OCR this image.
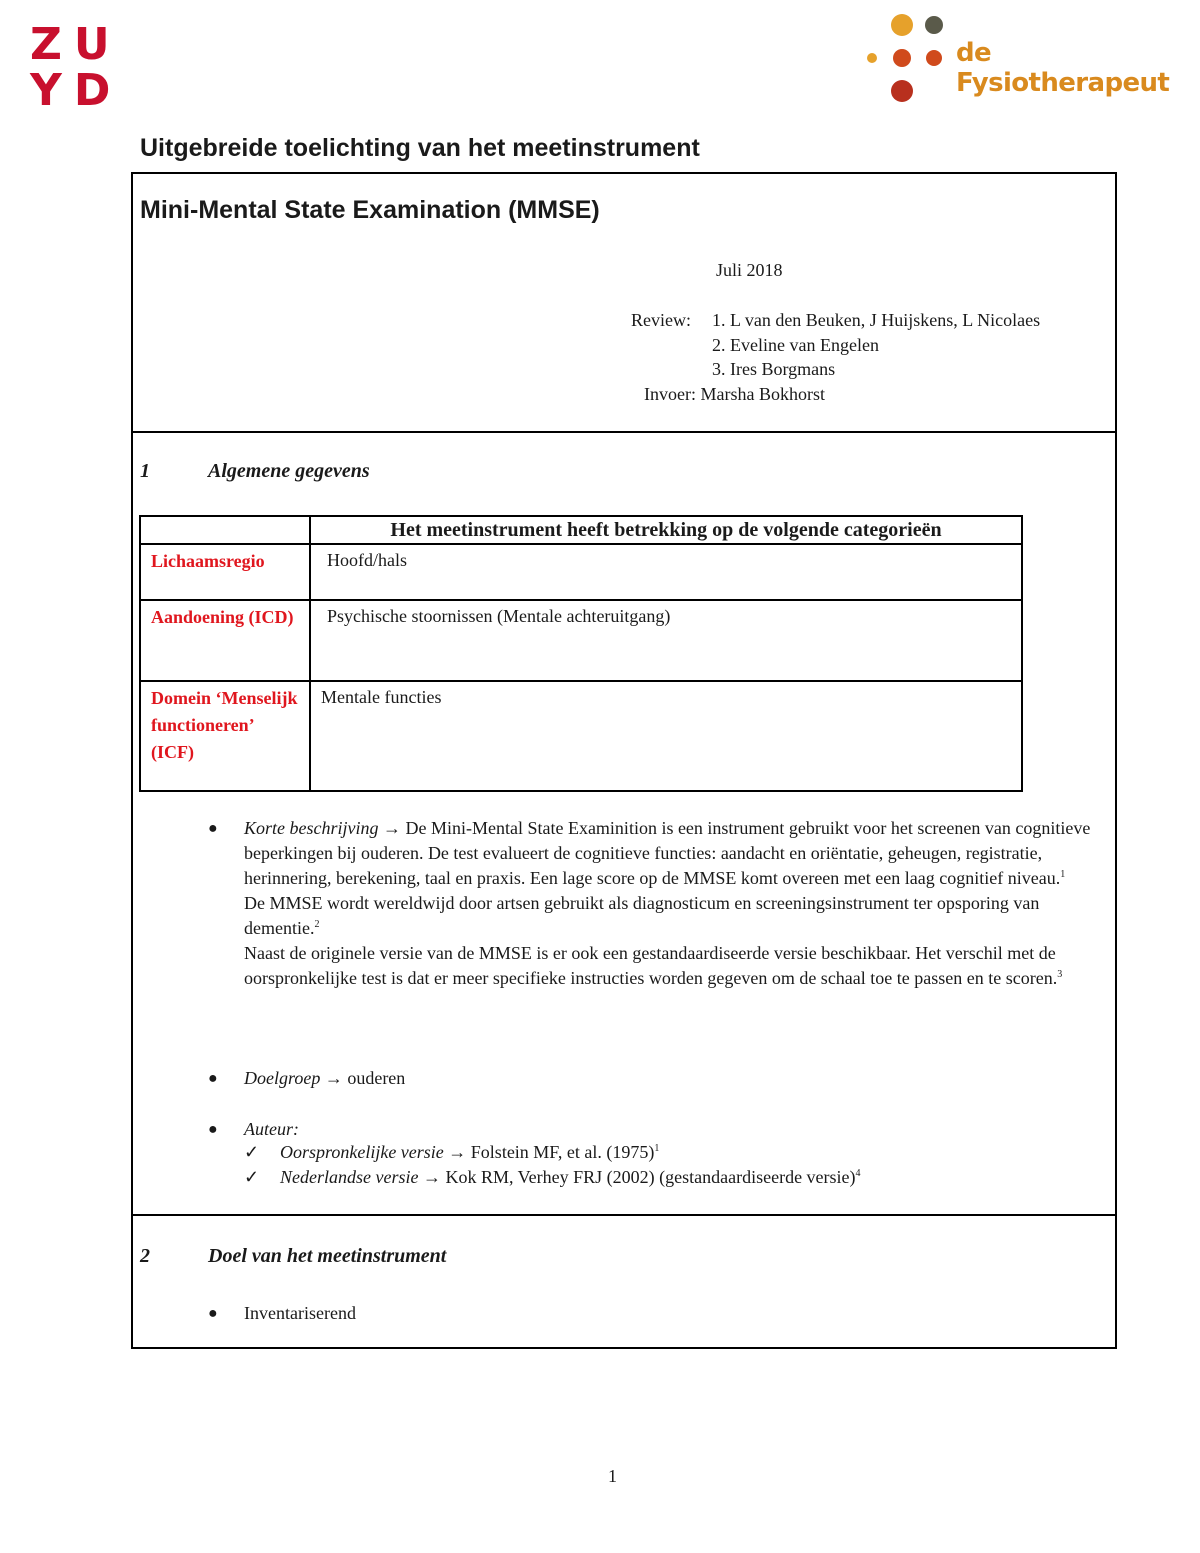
ZU
YD
de Fysiotherapeut
Uitgebreide toelichting van het meetinstrument
Mini-Mental State Examination (MMSE)
Juli 2018
Review: 1. L van den Beuken, J Huijskens, L Nicolaes
2. Eveline van Engelen
3. Ires Borgmans
Invoer: Marsha Bokhorst
1	Algemene gegevens
	Het meetinstrument heeft betrekking op de volgende categorieën
Lichaamsregio	Hoofd/hals
Aandoening (ICD)	Psychische stoornissen (Mentale achteruitgang)
Domein ‘Menselijk functioneren’ (ICF)	Mentale functies
● Korte beschrijving → De Mini-Mental State Examinition is een instrument gebruikt voor het screenen van cognitieve beperkingen bij ouderen. De test evalueert de cognitieve functies: aandacht en oriëntatie, geheugen, registratie, herinnering, berekening, taal en praxis. Een lage score op de MMSE komt overeen met een laag cognitief niveau.$^1$

De MMSE wordt wereldwijd door artsen gebruikt als diagnosticum en screeningsinstrument ter opsporing van dementie.$^2$

Naast de originele versie van de MMSE is er ook een gestandaardiseerde versie beschikbaar. Het verschil met de oorspronkelijke test is dat er meer specifieke instructies worden gegeven om de schaal toe te passen en te scoren.$^3$

● Doelgroep → ouderen
● Auteur:
✓ Oorspronkelijke versie → Folstein MF, et al. $(1975)^1$
✓ Nederlandse versie → Kok RM, Verhey FRJ (2002) (gestandaardiseerde versie)$^4$
2	Doel van het meetinstrument
● Inventariserend
1
